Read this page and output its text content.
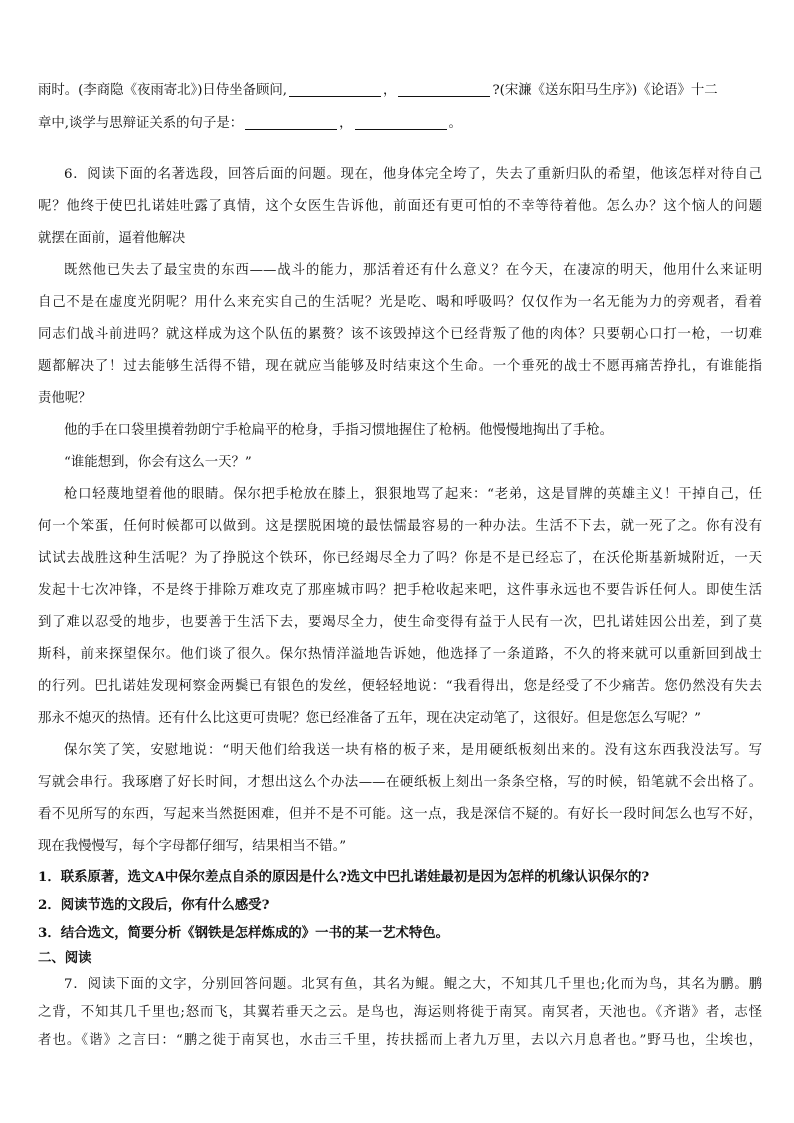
雨时。(李商隐《夜雨寄北》)日侍坐备顾问,	，	?(宋濂《送东阳马生序》)《论语》十二
章中,谈学与思辩证关系的句子是：	，	。
6．阅读下面的名著选段，回答后面的问题。现在，他身体完全垮了，失去了重新归队的希望，他该怎样对待自己
呢？他终于使巴扎诺娃吐露了真情，这个女医生告诉他，前面还有更可怕的不幸等待着他。怎么办？这个恼人的问题
就摆在面前，逼着他解决
既然他已失去了最宝贵的东西——战斗的能力，那活着还有什么意义？在今天，在凄凉的明天，他用什么来证明
自己不是在虚度光阴呢？用什么来充实自己的生活呢？光是吃、喝和呼吸吗？仅仅作为一名无能为力的旁观者，看着
同志们战斗前进吗？就这样成为这个队伍的累赘？该不该毁掉这个已经背叛了他的肉体？只要朝心口打一枪，一切难
题都解决了！过去能够生活得不错，现在就应当能够及时结束这个生命。一个垂死的战士不愿再痛苦挣扎，有谁能指
责他呢？
他的手在口袋里摸着勃朗宁手枪扁平的枪身，手指习惯地握住了枪柄。他慢慢地掏出了手枪。
“谁能想到，你会有这么一天？”
枪口轻蔑地望着他的眼睛。保尔把手枪放在膝上，狠狠地骂了起来：“老弟，这是冒牌的英雄主义！干掉自己，任
何一个笨蛋，任何时候都可以做到。这是摆脱困境的最怯懦最容易的一种办法。生活不下去，就一死了之。你有没有
试试去战胜这种生活呢？为了挣脱这个铁环，你已经竭尽全力了吗？你是不是已经忘了，在沃伦斯基新城附近，一天
发起十七次冲锋，不是终于排除万难攻克了那座城市吗？把手枪收起来吧，这件事永远也不要告诉任何人。即使生活
到了难以忍受的地步，也要善于生活下去，要竭尽全力，使生命变得有益于人民有一次，巴扎诺娃因公出差，到了莫
斯科，前来探望保尔。他们谈了很久。保尔热情洋溢地告诉她，他选择了一条道路，不久的将来就可以重新回到战士
的行列。巴扎诺娃发现柯察金两鬓已有银色的发丝，便轻轻地说：“我看得出，您是经受了不少痛苦。您仍然没有失去
那永不熄灭的热情。还有什么比这更可贵呢？您已经准备了五年，现在决定动笔了，这很好。但是您怎么写呢？”
保尔笑了笑，安慰地说：“明天他们给我送一块有格的板子来，是用硬纸板刻出来的。没有这东西我没法写。写
写就会串行。我琢磨了好长时间，才想出这么个办法——在硬纸板上刻出一条条空格，写的时候，铅笔就不会出格了。
看不见所写的东西，写起来当然挺困难，但并不是不可能。这一点，我是深信不疑的。有好长一段时间怎么也写不好，
现在我慢慢写，每个字母都仔细写，结果相当不错。”
1．联系原著，选文A中保尔差点自杀的原因是什么?选文中巴扎诺娃最初是因为怎样的机缘认识保尔的?
2．阅读节选的文段后，你有什么感受?
3．结合选文，简要分析《钢铁是怎样炼成的》一书的某一艺术特色。
二、阅读
7．阅读下面的文字，分别回答问题。北冥有鱼，其名为鲲。鲲之大，不知其几千里也;化而为鸟，其名为鹏。鹏
之背，不知其几千里也;怒而飞，其翼若垂天之云。是鸟也，海运则将徙于南冥。南冥者，天池也。《齐谐》者，志怪
者也。《谐》之言曰：“鹏之徙于南冥也，水击三千里，抟扶摇而上者九万里，去以六月息者也。”野马也，尘埃也，
